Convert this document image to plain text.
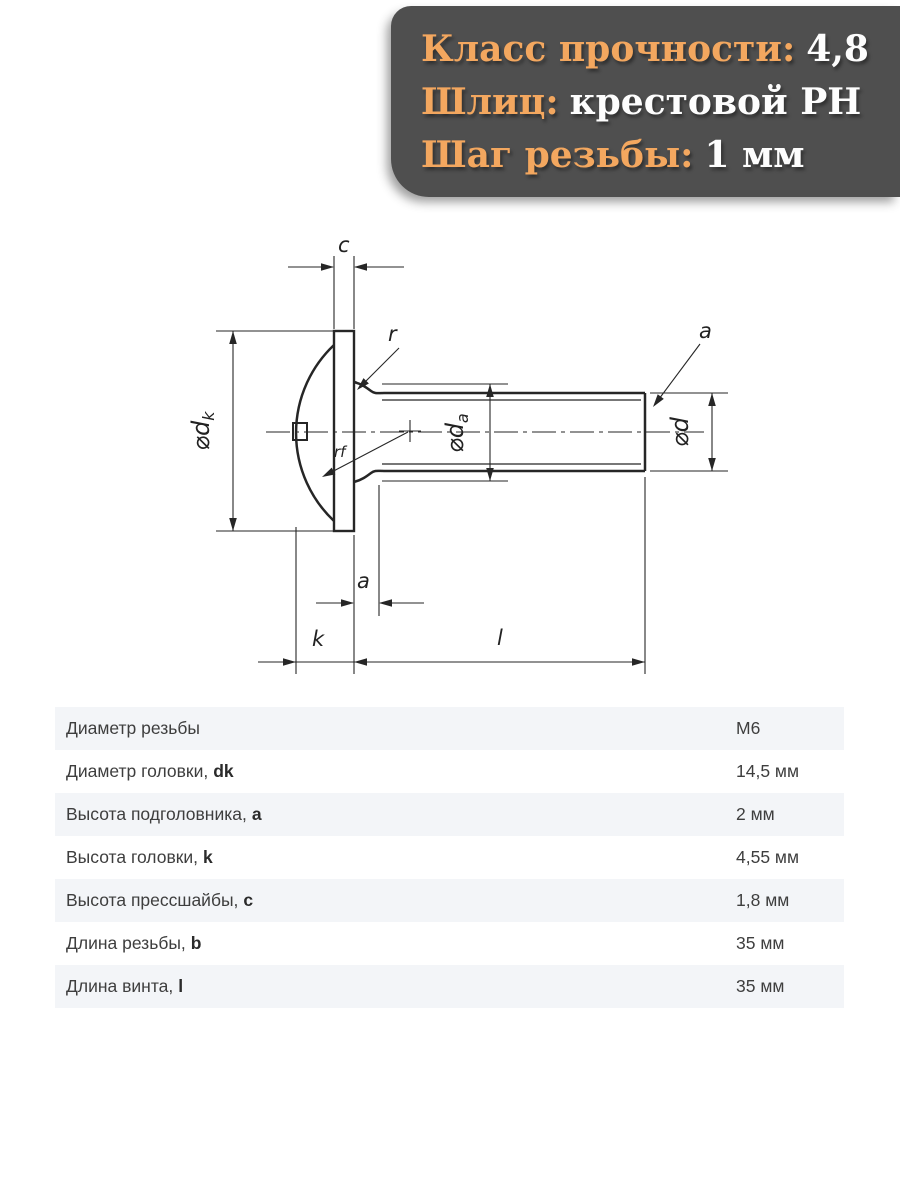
Класс прочности: 4,8
Шлиц: крестовой PH
Шаг резьбы: 1 мм
c
$⌀d_k$
$⌀d_a$	⌀d
r
rf
a
a
k	l
Диаметр резьбы	M6
Диаметр головки, dk	14,5 мм
Высота подголовника, a	2 мм
Высота головки, k	4,55 мм
Высота прессшайбы, c	1,8 мм
Длина резьбы, b	35 мм
Длина винта, l	35 мм
